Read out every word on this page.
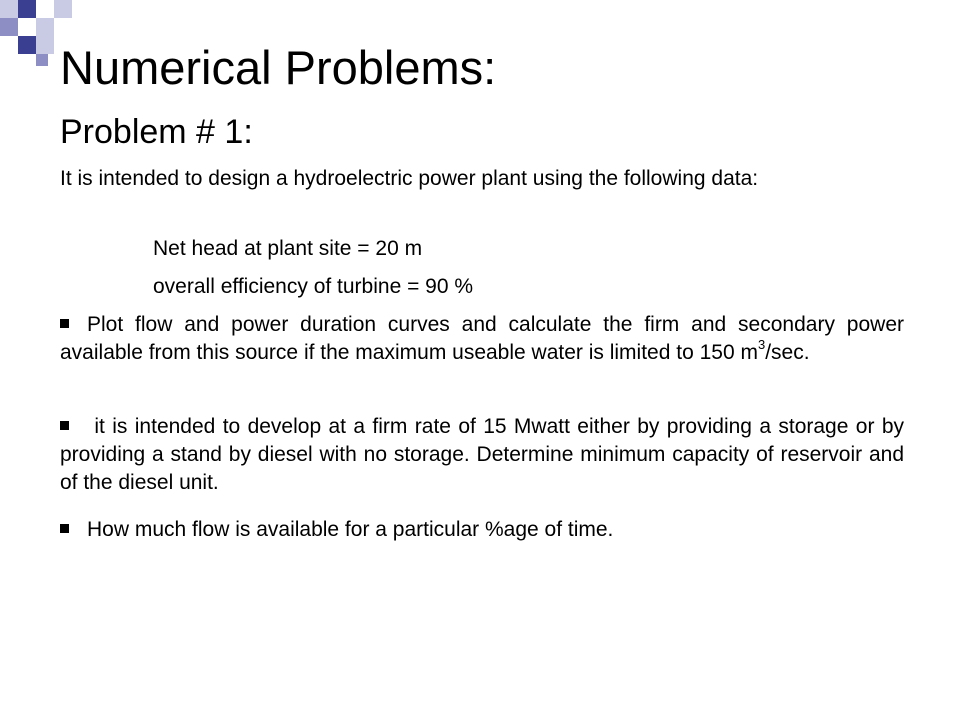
Numerical Problems:
Problem # 1:
It is intended to design a hydroelectric power plant using the following data:
Net head at plant site = 20 m
overall efficiency of turbine = 90 %
Plot flow and power duration curves and calculate the firm and secondary power available from this source if the maximum useable water is limited to 150 $m^3/\sec$.
it is intended to develop at a firm rate of 15 Mwatt either by providing a storage or by providing a stand by diesel with no storage. Determine minimum capacity of reservoir and of the diesel unit.
How much flow is available for a particular %age of time.
